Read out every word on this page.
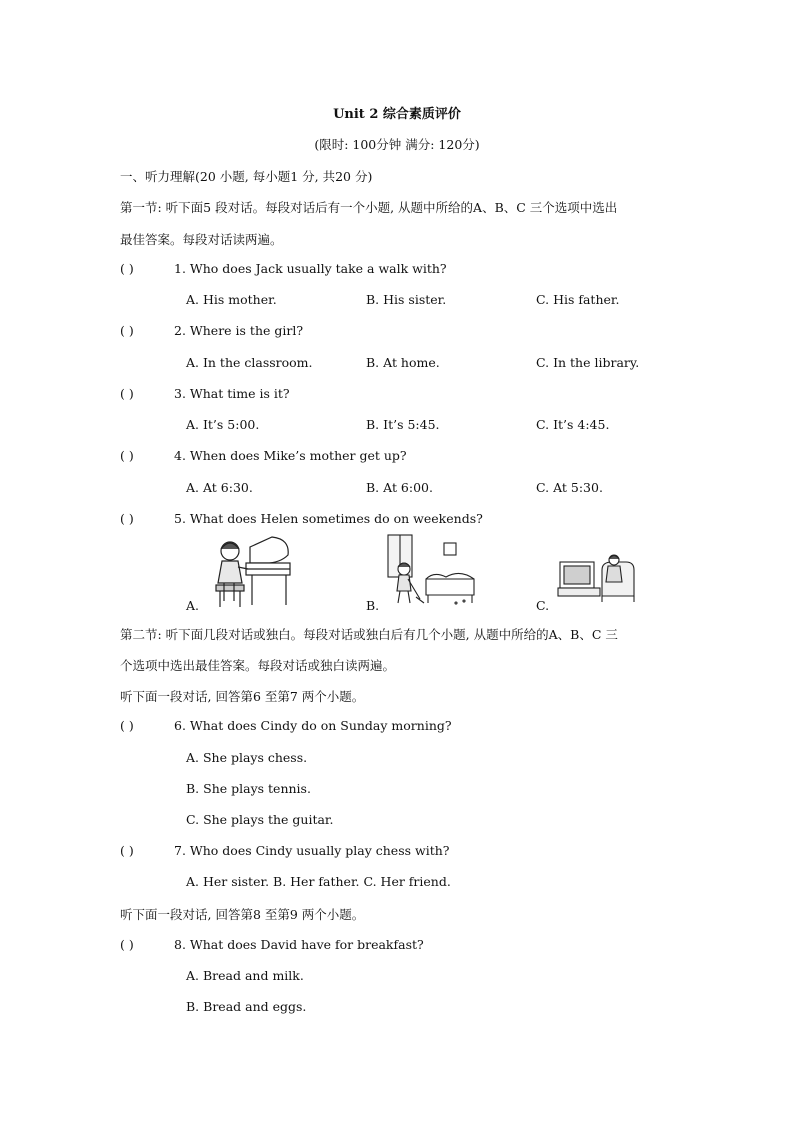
Unit 2 综合素质评价
(限时: 100分钟 满分: 120分)
一、听力理解(20 小题, 每小题1 分, 共20 分)
第一节: 听下面5 段对话。每段对话后有一个小题, 从题中所给的A、B、C 三个选项中选出
最佳答案。每段对话读两遍。
( )	1. Who does Jack usually take a walk with?
A. His mother.	B. His sister.	C. His father.
( )	2. Where is the girl?
A. In the classroom.	B. At home.	C. In the library.
( )	3. What time is it?
A. It’s 5:00.	B. It’s 5:45.	C. It’s 4:45.
( )	4. When does Mike’s mother get up?
A. At 6:30.	B. At 6:00.	C. At 5:30.
( )	5. What does Helen sometimes do on weekends?
A.	B.	C.
第二节: 听下面几段对话或独白。每段对话或独白后有几个小题, 从题中所给的A、B、C 三
个选项中选出最佳答案。每段对话或独白读两遍。
听下面一段对话, 回答第6 至第7 两个小题。
( )	6. What does Cindy do on Sunday morning?
A. She plays chess.
B. She plays tennis.
C. She plays the guitar.
( )	7. Who does Cindy usually play chess with?
A. Her sister. B. Her father. C. Her friend.
听下面一段对话, 回答第8 至第9 两个小题。
( )	8. What does David have for breakfast?
A. Bread and milk.
B. Bread and eggs.
